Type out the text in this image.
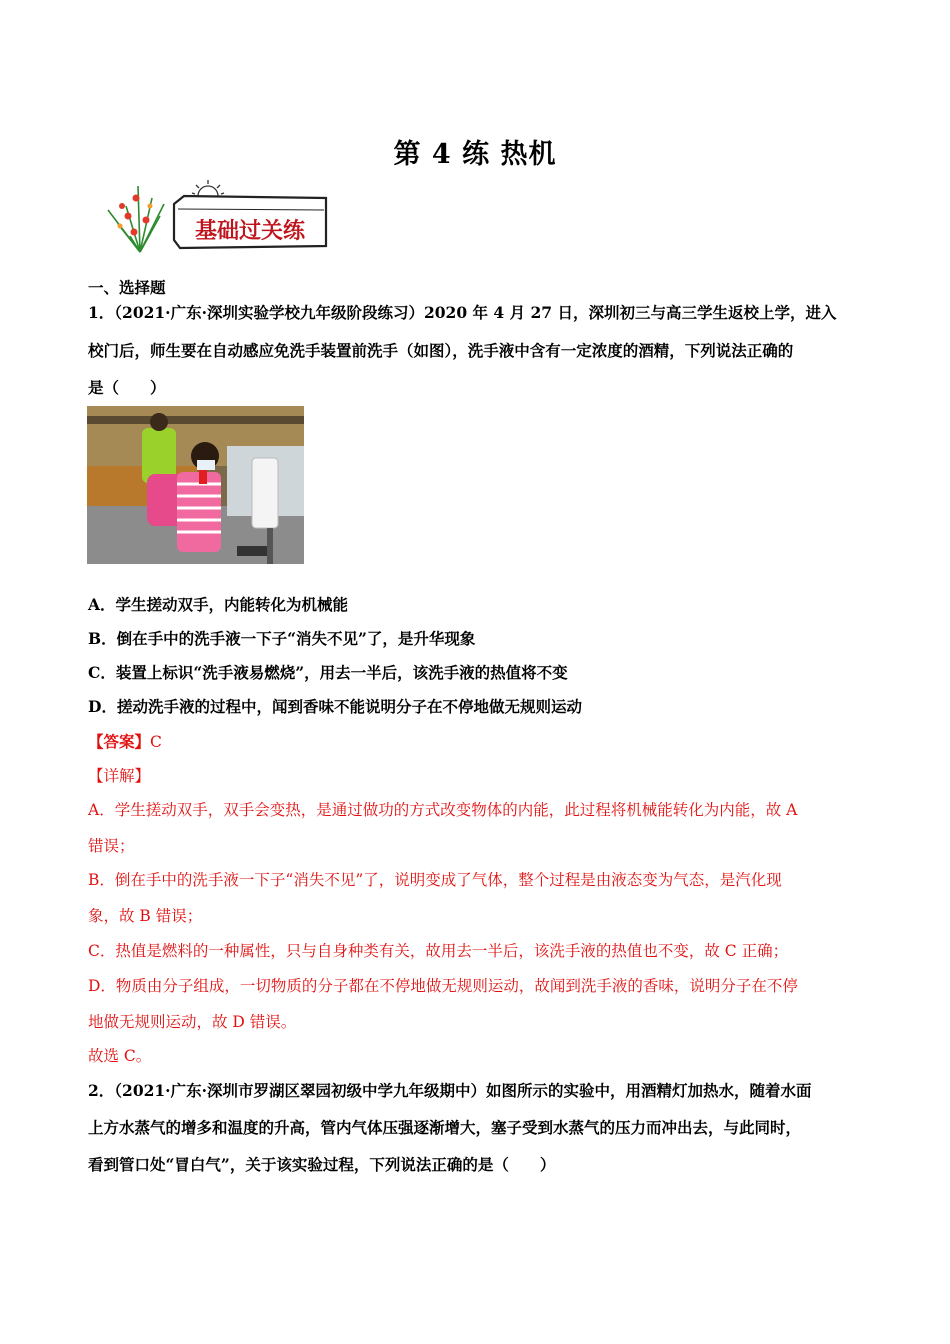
第 4 练 热机
基础过关练
一、选择题
1．（2021·广东·深圳实验学校九年级阶段练习）2020 年 4 月 27 日，深圳初三与高三学生返校上学，进入
校门后，师生要在自动感应免洗手装置前洗手（如图），洗手液中含有一定浓度的酒精，下列说法正确的
是（　　）
A．学生搓动双手，内能转化为机械能
B．倒在手中的洗手液一下子“消失不见”了，是升华现象
C．装置上标识“洗手液易燃烧”，用去一半后，该洗手液的热值将不变
D．搓动洗手液的过程中，闻到香味不能说明分子在不停地做无规则运动
【答案】C
【详解】
A．学生搓动双手，双手会变热，是通过做功的方式改变物体的内能，此过程将机械能转化为内能，故 A
错误；
B．倒在手中的洗手液一下子“消失不见”了，说明变成了气体，整个过程是由液态变为气态，是汽化现
象，故 B 错误；
C．热值是燃料的一种属性，只与自身种类有关，故用去一半后，该洗手液的热值也不变，故 C 正确；
D．物质由分子组成，一切物质的分子都在不停地做无规则运动，故闻到洗手液的香味，说明分子在不停
地做无规则运动，故 D 错误。
故选 C。
2．（2021·广东·深圳市罗湖区翠园初级中学九年级期中）如图所示的实验中，用酒精灯加热水，随着水面
上方水蒸气的增多和温度的升高，管内气体压强逐渐增大，塞子受到水蒸气的压力而冲出去，与此同时，
看到管口处“冒白气”，关于该实验过程，下列说法正确的是（　　）
